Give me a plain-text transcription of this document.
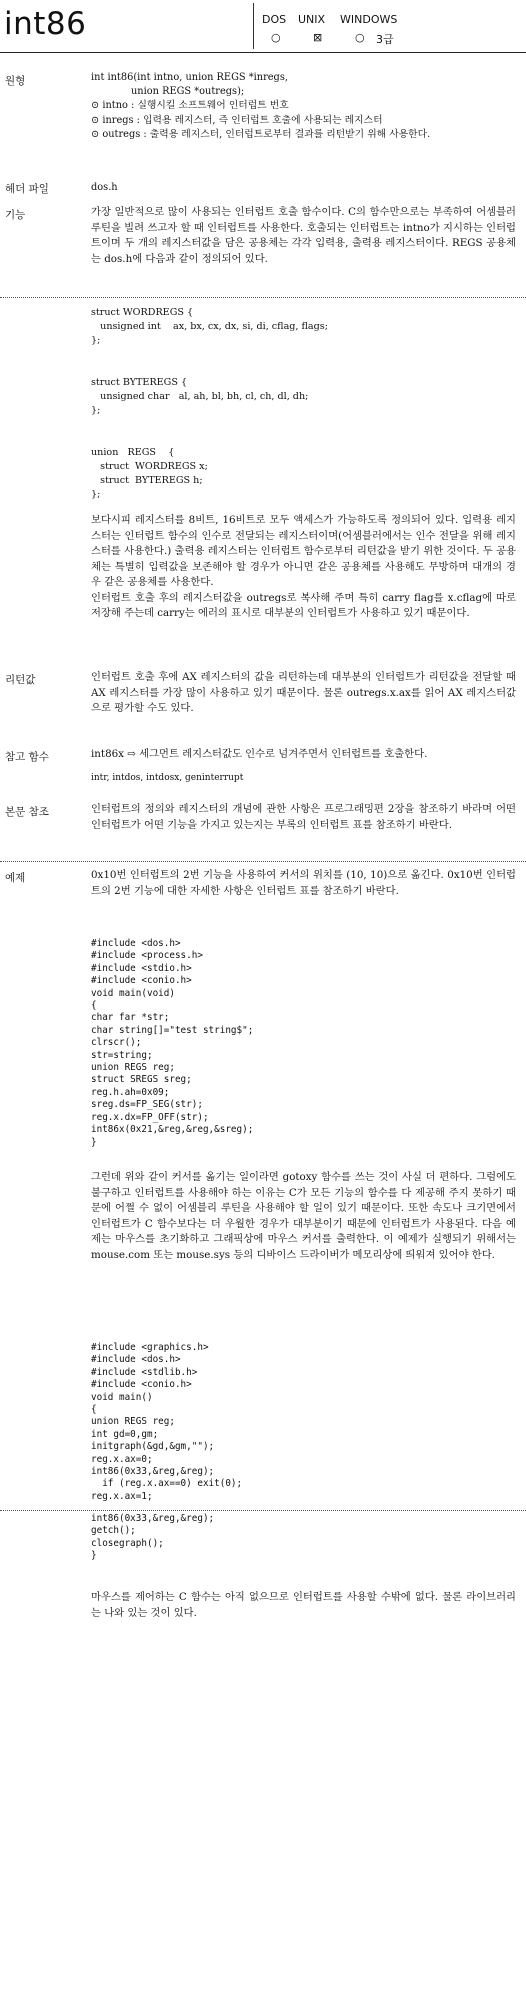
int86	DOS UNIX WINDOWS
○	⊠	○ 3급
원형	int int86(int intno, union REGS *inregs,

union REGS *outregs);

⊙ intno : 실행시킬 소프트웨어 인터럽트 번호

⊙ inregs : 입력용 레지스터, 즉 인터럽트 호출에 사용되는 레지스터

⊙ outregs : 출력용 레지스터, 인터럽트로부터 결과를 리턴받기 위해 사용한다.

헤더 파일	dos.h
기능	가장 일반적으로 많이 사용되는 인터럽트 호출 함수이다. C의 함수만으로는 부족하여 어셈블러 루틴을 빌려 쓰고자 할 때 인터럽트를 사용한다. 호출되는 인터럽트는 intno가 지시하는 인터럽트이며 두 개의 레지스터값을 담은 공용체는 각각 입력용, 출력용 레지스터이다. REGS 공용체는 dos.h에 다음과 같이 정의되어 있다.
struct WORDREGS {
unsigned int    ax, bx, cx, dx, si, di, cflag, flags;
};

struct BYTEREGS {
unsigned char   al, ah, bl, bh, cl, ch, dl, dh;
};

union   REGS    {
struct  WORDREGS x;
struct  BYTEREGS h;
};

보다시피 레지스터를 8비트, 16비트로 모두 액세스가 가능하도록 정의되어 있다. 입력용 레지스터는 인터럽트 함수의 인수로 전달되는 레지스터이며(어셈블러에서는 인수 전달을 위해 레지스터를 사용한다.) 출력용 레지스터는 인터럽트 함수로부터 리턴값을 받기 위한 것이다. 두 공용체는 특별히 입력값을 보존해야 할 경우가 아니면 같은 공용체를 사용해도 무방하며 대개의 경우 같은 공용체를 사용한다.

인터럽트 호출 후의 레지스터값을 outregs로 복사해 주며 특히 carry flag를 x.cflag에 따로 저장해 주는데 carry는 에러의 표시로 대부분의 인터럽트가 사용하고 있기 때문이다.

리턴값	인터럽트 호출 후에 AX 레지스터의 값을 리턴하는데 대부분의 인터럽트가 리턴값을 전달할 때 AX 레지스터를 가장 많이 사용하고 있기 때문이다. 물론 outregs.x.ax를 읽어 AX 레지스터값으로 평가할 수도 있다.
참고 함수	int86x ⇨ 세그먼트 레지스터값도 인수로 넘겨주면서 인터럽트를 호출한다.

intr, intdos, intdosx, geninterrupt

본문 참조	인터럽트의 정의와 레지스터의 개념에 관한 사항은 프로그래밍편 2장을 참조하기 바라며 어떤 인터럽트가 어떤 기능을 가지고 있는지는 부록의 인터럽트 표를 참조하기 바란다.
예제	0x10번 인터럽트의 2번 기능을 사용하여 커서의 위치를 (10, 10)으로 옮긴다. 0x10번 인터럽트의 2번 기능에 대한 자세한 사항은 인터럽트 표를 참조하기 바란다.
#include <dos.h>
#include <process.h>
#include <stdio.h>
#include <conio.h>
void main(void)
{
char far *str;
char string[]="test string$";
clrscr();
str=string;
union REGS reg;
struct SREGS sreg;
reg.h.ah=0x09;
sreg.ds=FP_SEG(str);
reg.x.dx=FP_OFF(str);
int86x(0x21,&reg,&reg,&sreg);
}
그런데 위와 같이 커서를 옮기는 일이라면 gotoxy 함수를 쓰는 것이 사실 더 편하다. 그럼에도 불구하고 인터럽트를 사용해야 하는 이유는 C가 모든 기능의 함수를 다 제공해 주지 못하기 때문에 어쩔 수 없이 어셈블리 루틴을 사용해야 할 일이 있기 때문이다. 또한 속도나 크기면에서 인터럽트가 C 함수보다는 더 우월한 경우가 대부분이기 때문에 인터럽트가 사용된다. 다음 예제는 마우스를 초기화하고 그래픽상에 마우스 커서를 출력한다. 이 예제가 실행되기 위해서는 mouse.com 또는 mouse.sys 등의 디바이스 드라이버가 메모리상에 띄워져 있어야 한다.
#include <graphics.h>
#include <dos.h>
#include <stdlib.h>
#include <conio.h>
void main()
{
union REGS reg;
int gd=0,gm;
initgraph(&gd,&gm,"");
reg.x.ax=0;
int86(0x33,&reg,&reg);
if (reg.x.ax==0) exit(0);
reg.x.ax=1;
int86(0x33,&reg,&reg);
getch();
closegraph();
}
마우스를 제어하는 C 함수는 아직 없으므로 인터럽트를 사용할 수밖에 없다. 물론 라이브러리는 나와 있는 것이 있다.
